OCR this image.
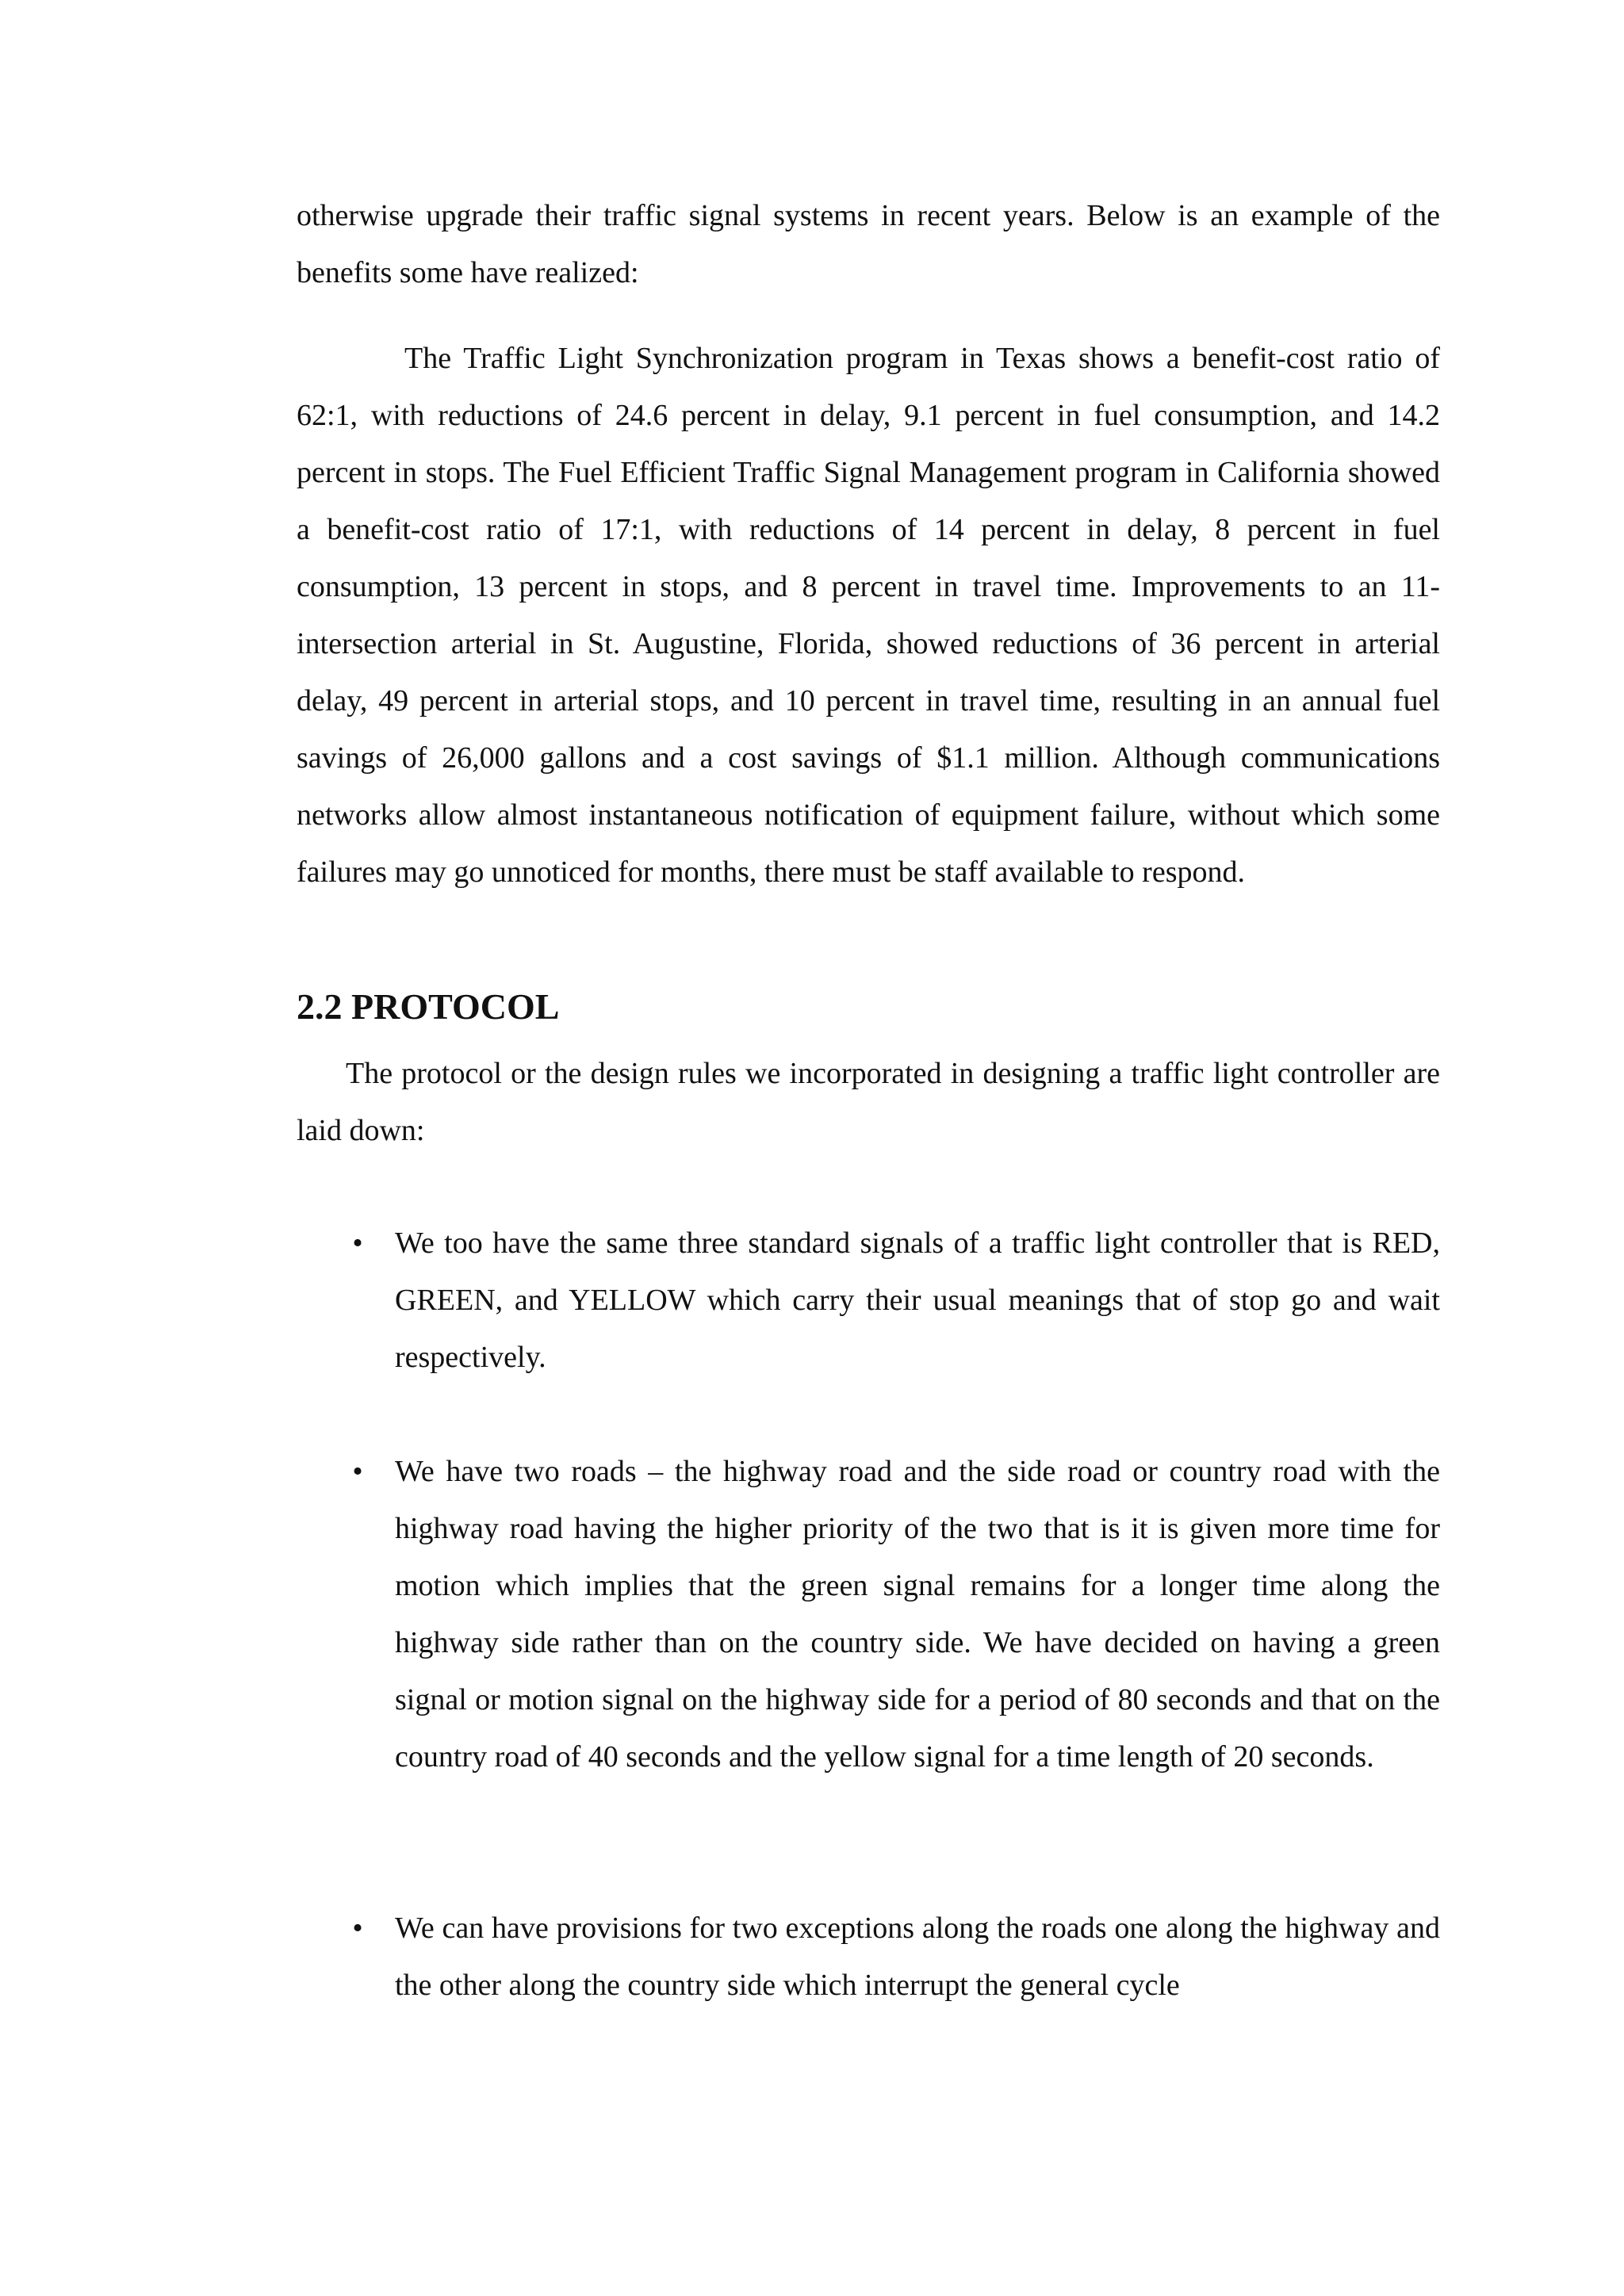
otherwise upgrade their traffic signal systems in recent years. Below is an example of the benefits some have realized:

The Traffic Light Synchronization program in Texas shows a benefit-cost ratio of 62:1, with reductions of 24.6 percent in delay, 9.1 percent in fuel consumption, and 14.2 percent in stops. The Fuel Efficient Traffic Signal Management program in California showed a benefit-cost ratio of 17:1, with reductions of 14 percent in delay, 8 percent in fuel consumption, 13 percent in stops, and 8 percent in travel time. Improvements to an 11-intersection arterial in St. Augustine, Florida, showed reductions of 36 percent in arterial delay, 49 percent in arterial stops, and 10 percent in travel time, resulting in an annual fuel savings of 26,000 gallons and a cost savings of $1.1 million. Although communications networks allow almost instantaneous notification of equipment failure, without which some failures may go unnoticed for months, there must be staff available to respond.

2.2 PROTOCOL

The protocol or the design rules we incorporated in designing a traffic light controller are laid down:

• We too have the same three standard signals of a traffic light controller that is RED, GREEN, and YELLOW which carry their usual meanings that of stop go and wait respectively.
• We have two roads – the highway road and the side road or country road with the highway road having the higher priority of the two that is it is given more time for motion which implies that the green signal remains for a longer time along the highway side rather than on the country side. We have decided on having a green signal or motion signal on the highway side for a period of 80 seconds and that on the country road of 40 seconds and the yellow signal for a time length of 20 seconds.
• We can have provisions for two exceptions along the roads one along the highway and the other along the country side which interrupt the general cycle
